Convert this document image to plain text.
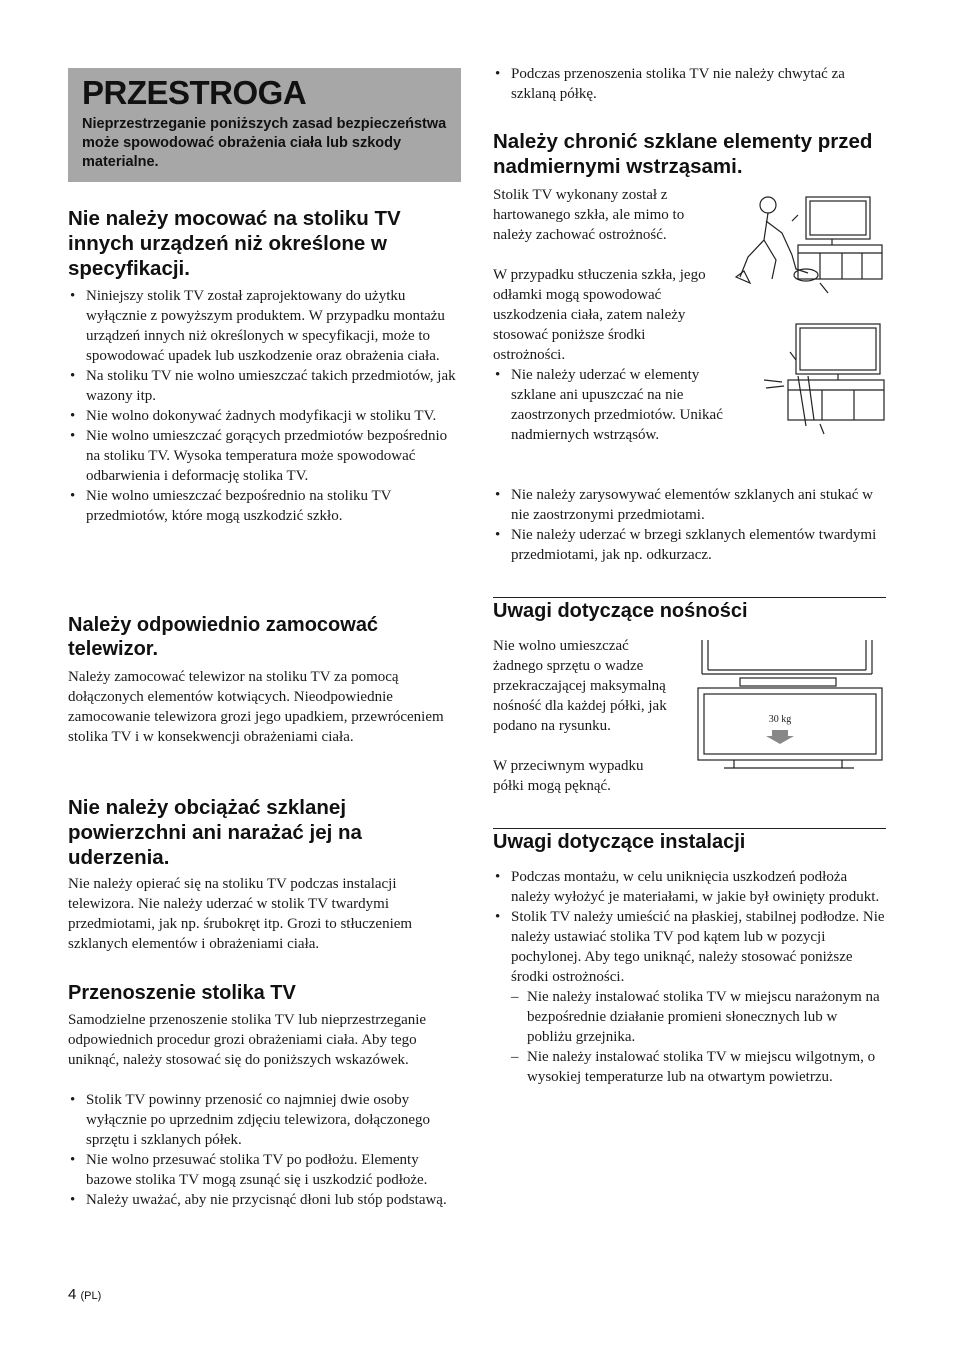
PRZESTROGA
Nieprzestrzeganie poniższych zasad bezpieczeństwa może spowodować obrażenia ciała lub szkody materialne.
Nie należy mocować na stoliku TV innych urządzeń niż określone w specyfikacji.
• Niniejszy stolik TV został zaprojektowany do użytku wyłącznie z powyższym produktem. W przypadku montażu urządzeń innych niż określonych w specyfikacji, może to spowodować upadek lub uszkodzenie oraz obrażenia ciała.
• Na stoliku TV nie wolno umieszczać takich przedmiotów, jak wazony itp.
• Nie wolno dokonywać żadnych modyfikacji w stoliku TV.
• Nie wolno umieszczać gorących przedmiotów bezpośrednio na stoliku TV. Wysoka temperatura może spowodować odbarwienia i deformację stolika TV.
• Nie wolno umieszczać bezpośrednio na stoliku TV przedmiotów, które mogą uszkodzić szkło.
Należy odpowiednio zamocować telewizor.

Należy zamocować telewizor na stoliku TV za pomocą dołączonych elementów kotwiących. Nieodpowiednie zamocowanie telewizora grozi jego upadkiem, przewróceniem stolika TV i w konsekwencji obrażeniami ciała.

Nie należy obciążać szklanej powierzchni ani narażać jej na uderzenia.

Nie należy opierać się na stoliku TV podczas instalacji telewizora. Nie należy uderzać w stolik TV twardymi przedmiotami, jak np. śrubokręt itp. Grozi to stłuczeniem szklanych elementów i obrażeniami ciała.

Przenoszenie stolika TV

Samodzielne przenoszenie stolika TV lub nieprzestrzeganie odpowiednich procedur grozi obrażeniami ciała. Aby tego uniknąć, należy stosować się do poniższych wskazówek.

• Stolik TV powinny przenosić co najmniej dwie osoby wyłącznie po uprzednim zdjęciu telewizora, dołączonego sprzętu i szklanych półek.
• Nie wolno przesuwać stolika TV po podłożu. Elementy bazowe stolika TV mogą zsunąć się i uszkodzić podłoże.
• Należy uważać, aby nie przycisnąć dłoni lub stóp podstawą.
4 (PL)
• Podczas przenoszenia stolika TV nie należy chwytać za szklaną półkę.
Należy chronić szklane elementy przed nadmiernymi wstrząsami.

Stolik TV wykonany został z hartowanego szkła, ale mimo to należy zachować ostrożność.

W przypadku stłuczenia szkła, jego odłamki mogą spowodować uszkodzenia ciała, zatem należy stosować poniższe środki ostrożności.

• Nie należy uderzać w elementy szklane ani upuszczać na nie zaostrzonych przedmiotów. Unikać nadmiernych wstrząsów.
• Nie należy zarysowywać elementów szklanych ani stukać w nie zaostrzonymi przedmiotami.
• Nie należy uderzać w brzegi szklanych elementów twardymi przedmiotami, jak np. odkurzacz.
Uwagi dotyczące nośności

Nie wolno umieszczać żadnego sprzętu o wadze przekraczającej maksymalną nośność dla każdej półki, jak podano na rysunku.

W przeciwnym wypadku półki mogą pęknąć.

30 kg
Uwagi dotyczące instalacji
• Podczas montażu, w celu uniknięcia uszkodzeń podłoża należy wyłożyć je materiałami, w jakie był owinięty produkt.
• Stolik TV należy umieścić na płaskiej, stabilnej podłodze. Nie należy ustawiać stolika TV pod kątem lub w pozycji pochylonej. Aby tego uniknąć, należy stosować poniższe środki ostrożności.
– Nie należy instalować stolika TV w miejscu narażonym na bezpośrednie działanie promieni słonecznych lub w pobliżu grzejnika.
– Nie należy instalować stolika TV w miejscu wilgotnym, o wysokiej temperaturze lub na otwartym powietrzu.
